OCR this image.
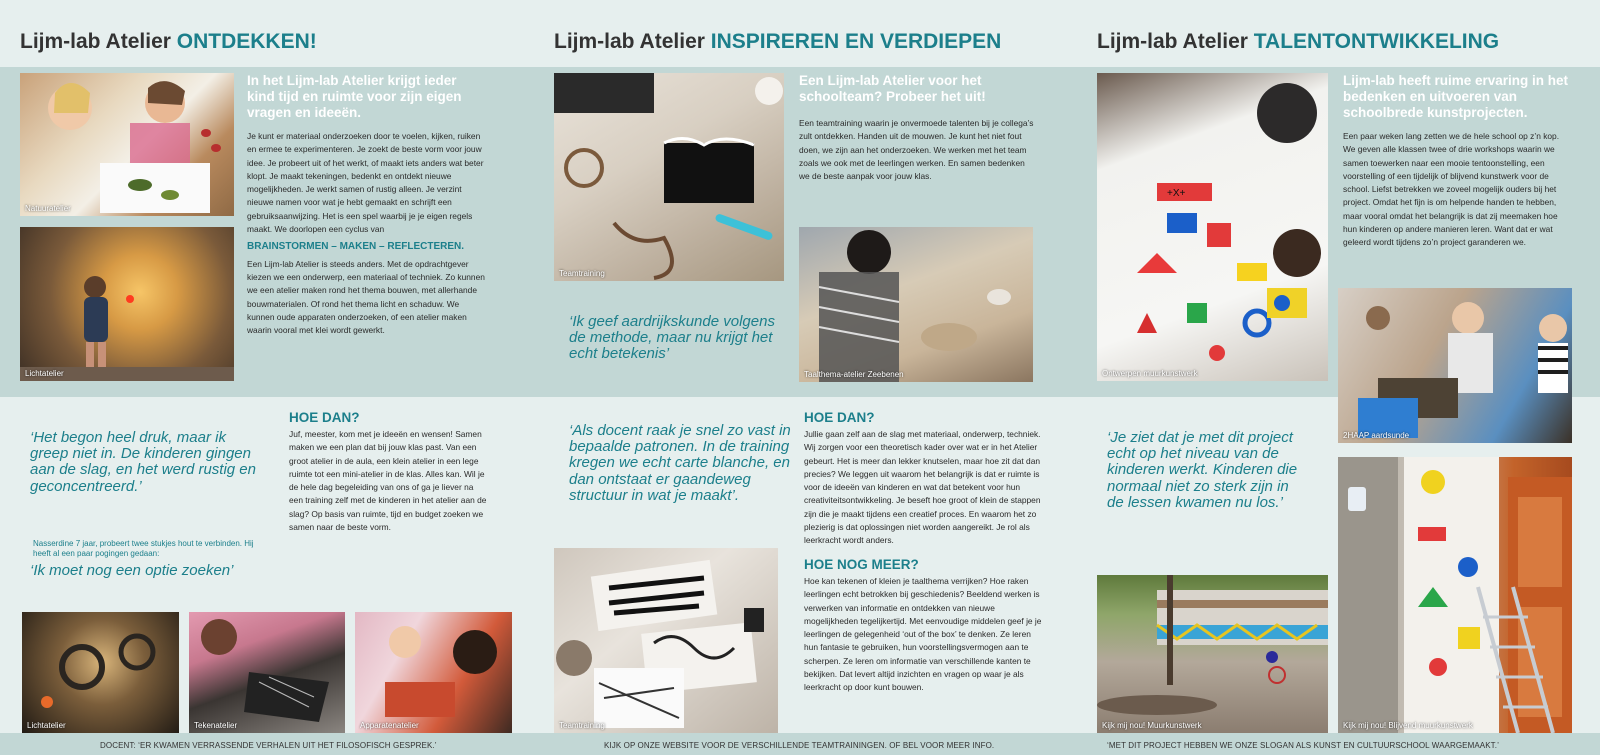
Lijm-lab Atelier ONTDEKKEN!
Natuuratelier
Lichtatelier
In het Lijm-lab Atelier krijgt ieder kind tijd en ruimte voor zijn eigen vragen en ideeën.
Je kunt er materiaal onderzoeken door te voelen, kijken, ruiken en ermee te experimenteren. Je zoekt de beste vorm voor jouw idee. Je probeert uit of het werkt, of maakt iets anders wat beter klopt. Je maakt tekeningen, bedenkt en ontdekt nieuwe mogelijkheden. Je werkt samen of rustig alleen. Je verzint nieuwe namen voor wat je hebt gemaakt en schrijft een gebruiksaanwijzing. Het is een spel waarbij je je eigen regels maakt. We doorlopen een cyclus van
BRAINSTORMEN – MAKEN – REFLECTEREN.
Een Lijm-lab Atelier is steeds anders. Met de opdrachtgever kiezen we een onderwerp, een materiaal of techniek. Zo kunnen we een atelier maken rond het thema bouwen, met allerhande bouwmaterialen. Of rond het thema licht en schaduw. We kunnen oude apparaten onderzoeken, of een atelier maken waarin vooral met klei wordt gewerkt.
‘Het begon heel druk, maar ik greep niet in. De kinderen gingen aan de slag, en het werd rustig en geconcentreerd.’
Nasserdine 7 jaar, probeert twee stukjes hout te verbinden. Hij heeft al een paar pogingen gedaan:
‘Ik moet nog een optie zoeken’
HOE DAN?
Juf, meester, kom met je ideeën en wensen! Samen maken we een plan dat bij jouw klas past. Van een groot atelier in de aula, een klein atelier in een lege ruimte tot een mini-atelier in de klas. Alles kan. Wil je de hele dag begeleiding van ons of ga je liever na een training zelf met de kinderen in het atelier aan de slag? Op basis van ruimte, tijd en budget zoeken we samen naar de beste vorm.
Lichtatelier	Tekenatelier	Apparatenatelier
DOCENT: ‘ER KWAMEN VERRASSENDE VERHALEN UIT HET FILOSOFISCH GESPREK.’
Lijm-lab Atelier INSPIREREN EN VERDIEPEN
Teamtraining
Een Lijm-lab Atelier voor het schoolteam? Probeer het uit!
Een teamtraining waarin je onvermoede talenten bij je collega’s zult ontdekken. Handen uit de mouwen. Je kunt het niet fout doen, we zijn aan het onderzoeken. We werken met het team zoals we ook met de leerlingen werken. En samen bedenken we de beste aanpak voor jouw klas.
Taalthema-atelier Zeebenen
‘Ik geef aardrijkskunde volgens de methode, maar nu krijgt het echt betekenis’
‘Als docent raak je snel zo vast in bepaalde patronen. In de training kregen we echt carte blanche, en dan ontstaat er gaandeweg structuur in wat je maakt’.
Teamtraining
HOE DAN?
Jullie gaan zelf aan de slag met materiaal, onderwerp, techniek. Wij zorgen voor een theoretisch kader over wat er in het Atelier gebeurt. Het is meer dan lekker knutselen, maar hoe zit dat dan precies? We leggen uit waarom het belangrijk is dat er ruimte is voor de ideeën van kinderen en wat dat betekent voor hun creativiteitsontwikkeling. Je beseft hoe groot of klein de stappen zijn die je maakt tijdens een creatief proces. En waarom het zo plezierig is dat oplossingen niet worden aangereikt. Je rol als leerkracht wordt anders.
HOE NOG MEER?
Hoe kan tekenen of kleien je taalthema verrijken? Hoe raken leerlingen echt betrokken bij geschiedenis? Beeldend werken is verwerken van informatie en ontdekken van nieuwe mogelijkheden tegelijkertijd. Met eenvoudige middelen geef je je leerlingen de gelegenheid ‘out of the box’ te denken. Ze leren hun fantasie te gebruiken, hun voorstellingsvermogen aan te scherpen. Ze leren om informatie van verschillende kanten te bekijken. Dat levert altijd inzichten en vragen op waar je als leerkracht op door kunt bouwen.
KIJK OP ONZE WEBSITE VOOR DE VERSCHILLENDE TEAMTRAININGEN. OF BEL VOOR MEER INFO.
Lijm-lab Atelier TALENTONTWIKKELING
+X+
Ontwerpen muurkunstwerk
Lijm-lab heeft ruime ervaring in het bedenken en uitvoeren van schoolbrede kunstprojecten.
Een paar weken lang zetten we de hele school op z’n kop. We geven alle klassen twee of drie workshops waarin we samen toewerken naar een mooie tentoonstelling, een voorstelling of een tijdelijk of blijvend kunstwerk voor de school. Liefst betrekken we zoveel mogelijk ouders bij het project. Omdat het fijn is om helpende handen te hebben, maar vooral omdat het belangrijk is dat zij meemaken hoe hun kinderen op andere manieren leren. Want dat er wat geleerd wordt tijdens zo’n project garanderen we.
2HAAP aardsunde
‘Je ziet dat je met dit project echt op het niveau van de kinderen werkt. Kinderen die normaal niet zo sterk zijn in de lessen kwamen nu los.’
Kijk mij nou! Muurkunstwerk	Kijk mij nou! Blijvend muurkunstwerk
‘MET DIT PROJECT HEBBEN WE ONZE SLOGAN ALS KUNST EN CULTUURSCHOOL WAARGEMAAKT.’
